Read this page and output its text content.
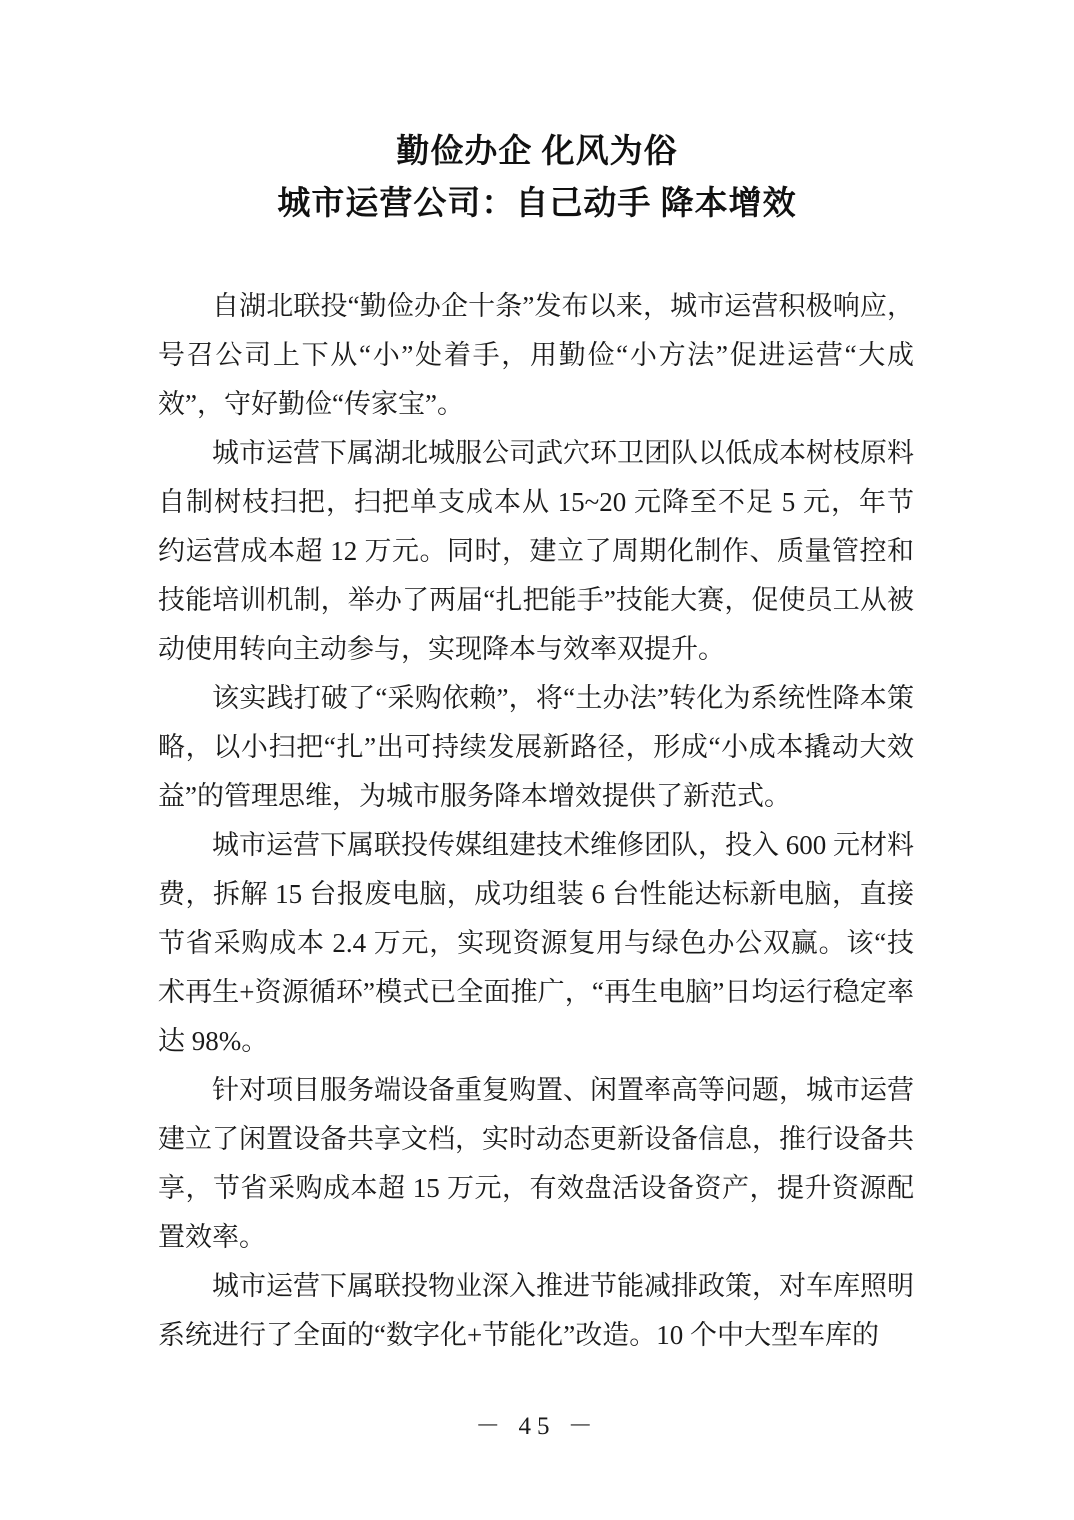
勤俭办企 化风为俗
城市运营公司：自己动手 降本增效

自湖北联投“勤俭办企十条”发布以来，城市运营积极响应，号召公司上下从“小”处着手，用勤俭“小方法”促进运营“大成效”，守好勤俭“传家宝”。

城市运营下属湖北城服公司武穴环卫团队以低成本树枝原料自制树枝扫把，扫把单支成本从 15~20 元降至不足 5 元，年节约运营成本超 12 万元。同时，建立了周期化制作、质量管控和技能培训机制，举办了两届“扎把能手”技能大赛，促使员工从被动使用转向主动参与，实现降本与效率双提升。

该实践打破了“采购依赖”，将“土办法”转化为系统性降本策略，以小扫把“扎”出可持续发展新路径，形成“小成本撬动大效益”的管理思维，为城市服务降本增效提供了新范式。

城市运营下属联投传媒组建技术维修团队，投入 600 元材料费，拆解 15 台报废电脑，成功组装 6 台性能达标新电脑，直接节省采购成本 2.4 万元，实现资源复用与绿色办公双赢。该“技术再生+资源循环”模式已全面推广，“再生电脑”日均运行稳定率达 98%。

针对项目服务端设备重复购置、闲置率高等问题，城市运营建立了闲置设备共享文档，实时动态更新设备信息，推行设备共享，节省采购成本超 15 万元，有效盘活设备资产，提升资源配置效率。

城市运营下属联投物业深入推进节能减排政策，对车库照明系统进行了全面的“数字化+节能化”改造。10 个中大型车库的

－ 45 －
